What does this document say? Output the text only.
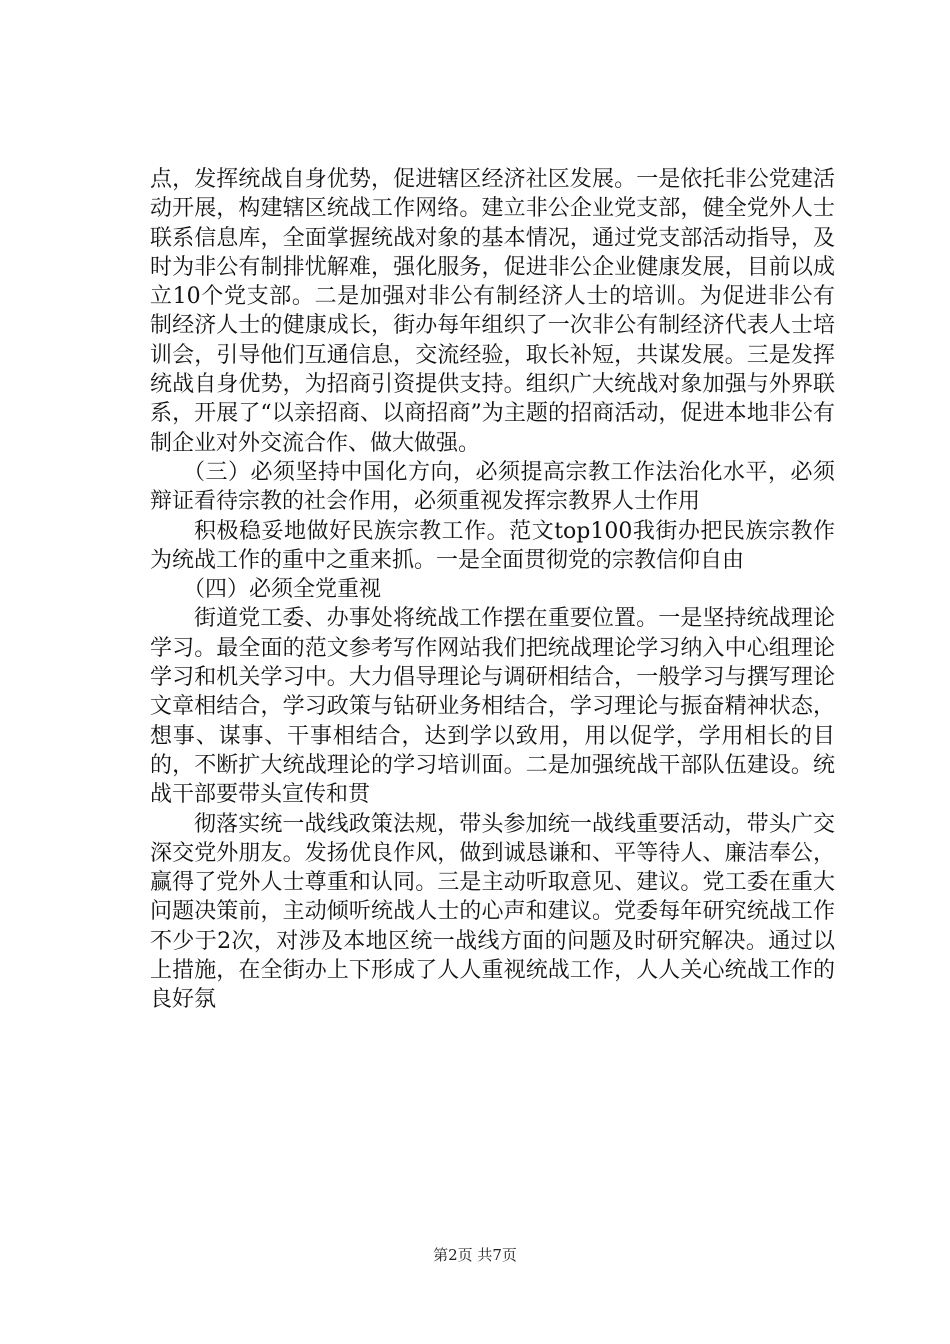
点，发挥统战自身优势，促进辖区经济社区发展。一是依托非公党建活动开展，构建辖区统战工作网络。建立非公企业党支部，健全党外人士联系信息库，全面掌握统战对象的基本情况，通过党支部活动指导，及时为非公有制排忧解难，强化服务，促进非公企业健康发展，目前以成立10个党支部。二是加强对非公有制经济人士的培训。为促进非公有制经济人士的健康成长，街办每年组织了一次非公有制经济代表人士培训会，引导他们互通信息，交流经验，取长补短，共谋发展。三是发挥统战自身优势，为招商引资提供支持。组织广大统战对象加强与外界联系，开展了“以亲招商、以商招商”为主题的招商活动，促进本地非公有制企业对外交流合作、做大做强。

（三）必须坚持中国化方向，必须提高宗教工作法治化水平，必须辩证看待宗教的社会作用，必须重视发挥宗教界人士作用

积极稳妥地做好民族宗教工作。范文top100我街办把民族宗教作为统战工作的重中之重来抓。一是全面贯彻党的宗教信仰自由

（四）必须全党重视

街道党工委、办事处将统战工作摆在重要位置。一是坚持统战理论学习。最全面的范文参考写作网站我们把统战理论学习纳入中心组理论学习和机关学习中。大力倡导理论与调研相结合，一般学习与撰写理论文章相结合，学习政策与钻研业务相结合，学习理论与振奋精神状态，想事、谋事、干事相结合，达到学以致用，用以促学，学用相长的目的，不断扩大统战理论的学习培训面。二是加强统战干部队伍建设。统战干部要带头宣传和贯

彻落实统一战线政策法规，带头参加统一战线重要活动，带头广交深交党外朋友。发扬优良作风，做到诚恳谦和、平等待人、廉洁奉公，赢得了党外人士尊重和认同。三是主动听取意见、建议。党工委在重大问题决策前，主动倾听统战人士的心声和建议。党委每年研究统战工作不少于2次，对涉及本地区统一战线方面的问题及时研究解决。通过以上措施，在全街办上下形成了人人重视统战工作，人人关心统战工作的良好氛

第2页 共7页
